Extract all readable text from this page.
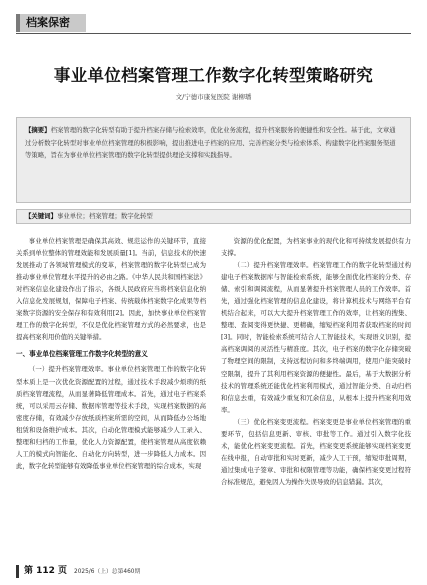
档案保密
事业单位档案管理工作数字化转型策略研究
文/宁德市康复医院 谢柳璠
【摘要】档案管理的数字化转型有助于提升档案存储与检索效率，优化业务流程，提升档案服务的便捷性和安全性。基于此，文章通过分析数字化转型对事业单位档案管理的积极影响，提出推进电子档案的应用、完善档案分类与检索体系、构建数字化档案服务渠道等策略，旨在为事业单位档案管理的数字化转型提供理论支撑和实践指导。
【关键词】事业单位；档案管理；数字化转型

事业单位档案管理是确保其高效、规范运作的关键环节，直接关系到单位整体的管理效能和发展质量[1]。当前，信息技术的快速发展推动了各领域管理模式的变革，档案管理的数字化转型已成为推动事业单位管理水平提升的必由之路。《中华人民共和国档案法》对档案信息化建设作出了指示，各级人民政府应当将档案信息化纳入信息化发展规划，保障电子档案、传统载体档案数字化成果等档案数字资源的安全保存和有效利用[2]。因此，加快事业单位档案管理工作的数字化转型，不仅是优化档案管理方式的必然要求，也是提高档案利用价值的关键举措。

一、事业单位档案管理工作数字化转型的意义

（一）提升档案管理效率。事业单位档案管理工作的数字化转型本质上是一次优化资源配置的过程，通过技术手段减少烦琐的纸质档案管理流程，从而显著降低管理成本。首先，通过电子档案系统，可以采用云存储、数据库管理等技术手段，实现档案数据的高密度存储，有效减少存放纸质档案所需的空间，从而降低办公场地租赁和设备维护成本。其次，自动化管理模式能够减少人工录入、整理和归档的工作量，优化人力资源配置，使档案管理从高度依赖人工的模式向智能化、自动化方向转型，进一步降低人力成本。因此，数字化转型能够有效降低事业单位档案管理的综合成本，实现

资源的优化配置，为档案事业的现代化和可持续发展提供有力支撑。

（二）提升档案管理效率。档案管理工作的数字化转型通过构建电子档案数据库与智能检索系统，能够全面优化档案的分类、存储、索引和调阅流程，从而显著提升档案管理人员的工作效率。首先，通过强化档案管理的信息化建设，将计算机技术与网络平台有机结合起来，可以大大提升档案管理工作的效率，让档案的搜集、整理、查阅变得更快捷、更精确，缩短档案利用者获取档案的时间[3]。同时，智能检索系统可结合人工智能技术，实现语义识别，提高档案调阅的灵活性与精准度。其次，电子档案的数字化存储突破了物理空间的限制，支持远程访问和多终端调用，使用户能突破时空限制，提升了其利用档案资源的便捷性。最后，基于大数据分析技术的管理系统还能优化档案利用模式，通过智能分类、自动归档和信息去重，有效减少重复和冗余信息，从根本上提升档案利用效率。

（三）优化档案变更流程。档案变更是事业单位档案管理的重要环节，包括信息更新、审核、审批等工作。通过引入数字化技术，能优化档案变更流程。首先，档案变更系统能够实现档案变更在线申报，自动审批和实时更新，减少人工干预，缩短审批周期，通过集成电子签章、审批和权限管理等功能，确保档案变更过程符合标准规范，避免因人为操作失误导致的信息错漏。其次，

第 112 页 2025/6（上）总第460期
